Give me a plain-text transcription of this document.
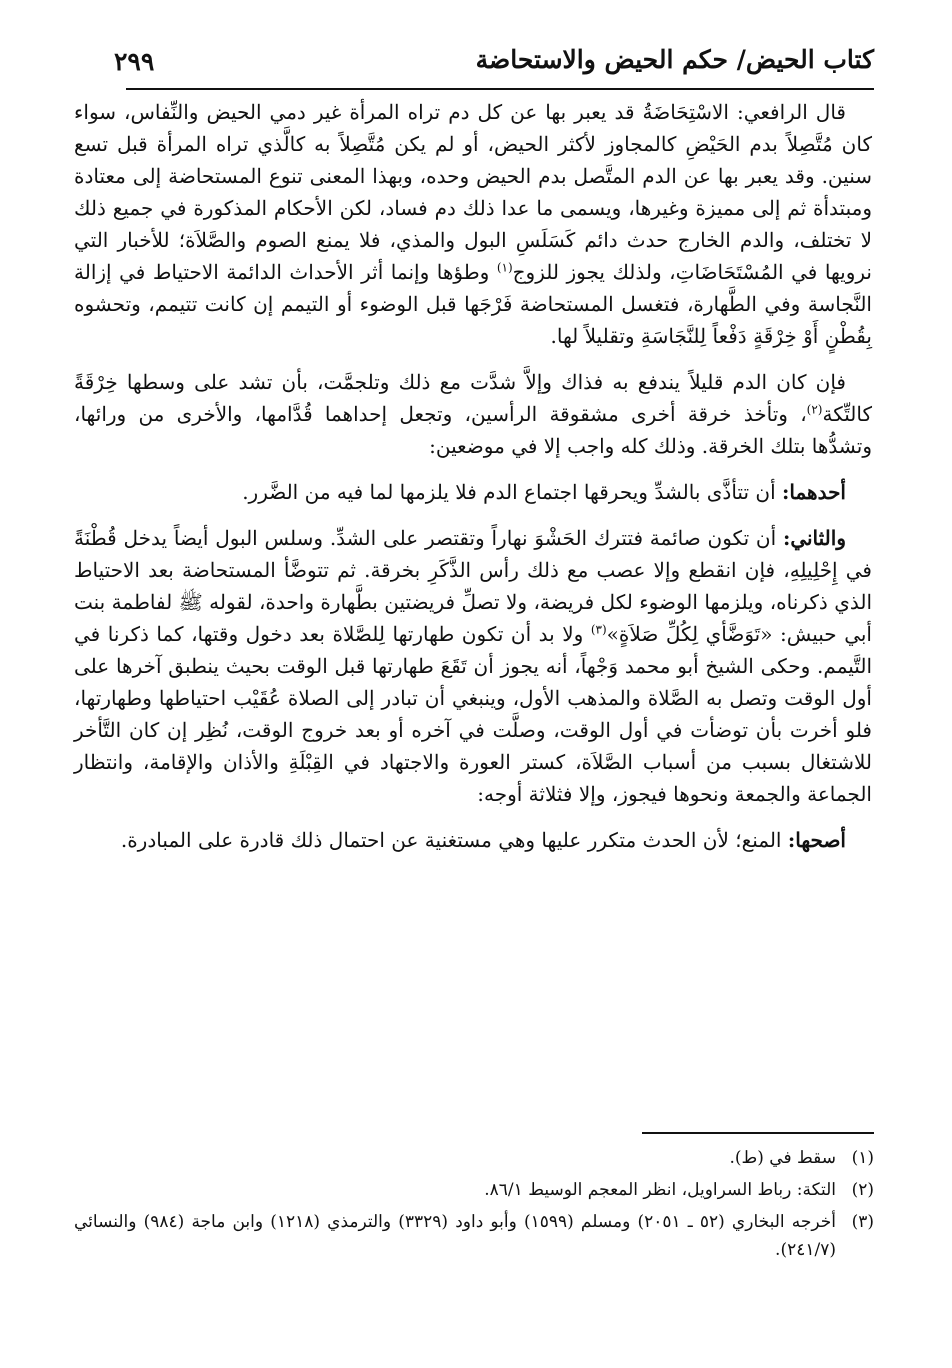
كتاب الحيض/ حكم الحيض والاستحاضة
٢٩٩

قال الرافعي: الاسْتِحَاضَةُ قد يعبر بها عن كل دم تراه المرأة غير دمي الحيض والنِّفاس، سواء كان مُتَّصِلاً بدم الحَيْضِ كالمجاوز لأكثر الحيض، أو لم يكن مُتَّصِلاً به كالَّذي تراه المرأة قبل تسع سنين. وقد يعبر بها عن الدم المتَّصل بدم الحيض وحده، وبهذا المعنى تنوع المستحاضة إلى معتادة ومبتدأة ثم إلى مميزة وغيرها، ويسمى ما عدا ذلك دم فساد، لكن الأحكام المذكورة في جميع ذلك لا تختلف، والدم الخارج حدث دائم كَسَلَسِ البول والمذي، فلا يمنع الصوم والصَّلاَة؛ للأخبار التي نرويها في المُسْتَحَاضَاتِ، ولذلك يجوز للزوج$^{(١)}$ وطؤها وإنما أثر الأحداث الدائمة الاحتياط في إزالة النَّجاسة وفي الطَّهارة، فتغسل المستحاضة فَرْجَها قبل الوضوء أو التيمم إن كانت تتيمم، وتحشوه بِقُطْنٍ أَوْ خِرْقَةٍ دَفْعاً لِلنَّجَاسَةِ وتقليلاً لها.

فإن كان الدم قليلاً يندفع به فذاك وإلاَّ شدَّت مع ذلك وتلجمَّت، بأن تشد على وسطها خِرْقَةً كالتِّكة$^{(٢)}$، وتأخذ خرقة أخرى مشقوقة الرأسين، وتجعل إحداهما قُدَّامها، والأخرى من ورائها، وتشدُّها بتلك الخرقة. وذلك كله واجب إلا في موضعين:

أحدهما: أن تتأذَّى بالشدِّ ويحرقها اجتماع الدم فلا يلزمها لما فيه من الضَّرر.

والثاني: أن تكون صائمة فتترك الحَشْوَ نهاراً وتقتصر على الشدِّ. وسلس البول أيضاً يدخل قُطْنَةً في إِحْلِيلِهِ، فإن انقطع وإلا عصب مع ذلك رأس الذَّكَرِ بخرقة. ثم تتوضَّأ المستحاضة بعد الاحتياط الذي ذكرناه، ويلزمها الوضوء لكل فريضة، ولا تصلِّ فريضتين بطَّهارة واحدة، لقوله ﷺ لفاطمة بنت أبي حبيش: «تَوَضَّأي لِكُلِّ صَلاَةٍ»$^{(٣)}$ ولا بد أن تكون طهارتها لِلصَّلاة بعد دخول وقتها، كما ذكرنا في التَّيمم. وحكى الشيخ أبو محمد وَجْهاً، أنه يجوز أن تَقَعَ طهارتها قبل الوقت بحيث ينطبق آخرها على أول الوقت وتصل به الصَّلاة والمذهب الأول، وينبغي أن تبادر إلى الصلاة عُقَيْب احتياطها وطهارتها، فلو أخرت بأن توضأت في أول الوقت، وصلَّت في آخره أو بعد خروج الوقت، نُظِر إن كان التَّأخر للاشتغال بسبب من أسباب الصَّلاَة، كستر العورة والاجتهاد في القِبْلَةِ والأذان والإقامة، وانتظار الجماعة والجمعة ونحوها فيجوز، وإلا فثلاثة أوجه:

أصحها: المنع؛ لأن الحدث متكرر عليها وهي مستغنية عن احتمال ذلك قادرة على المبادرة.

(١)
سقط في (ط).
(٢)
التكة: رباط السراويل، انظر المعجم الوسيط ٨٦/١.
(٣)
أخرجه البخاري (٥٢ ـ ٢٠٥١) ومسلم (١٥٩٩) وأبو داود (٣٣٢٩) والترمذي (١٢١٨) وابن ماجة (٩٨٤) والنسائي (٢٤١/٧).
